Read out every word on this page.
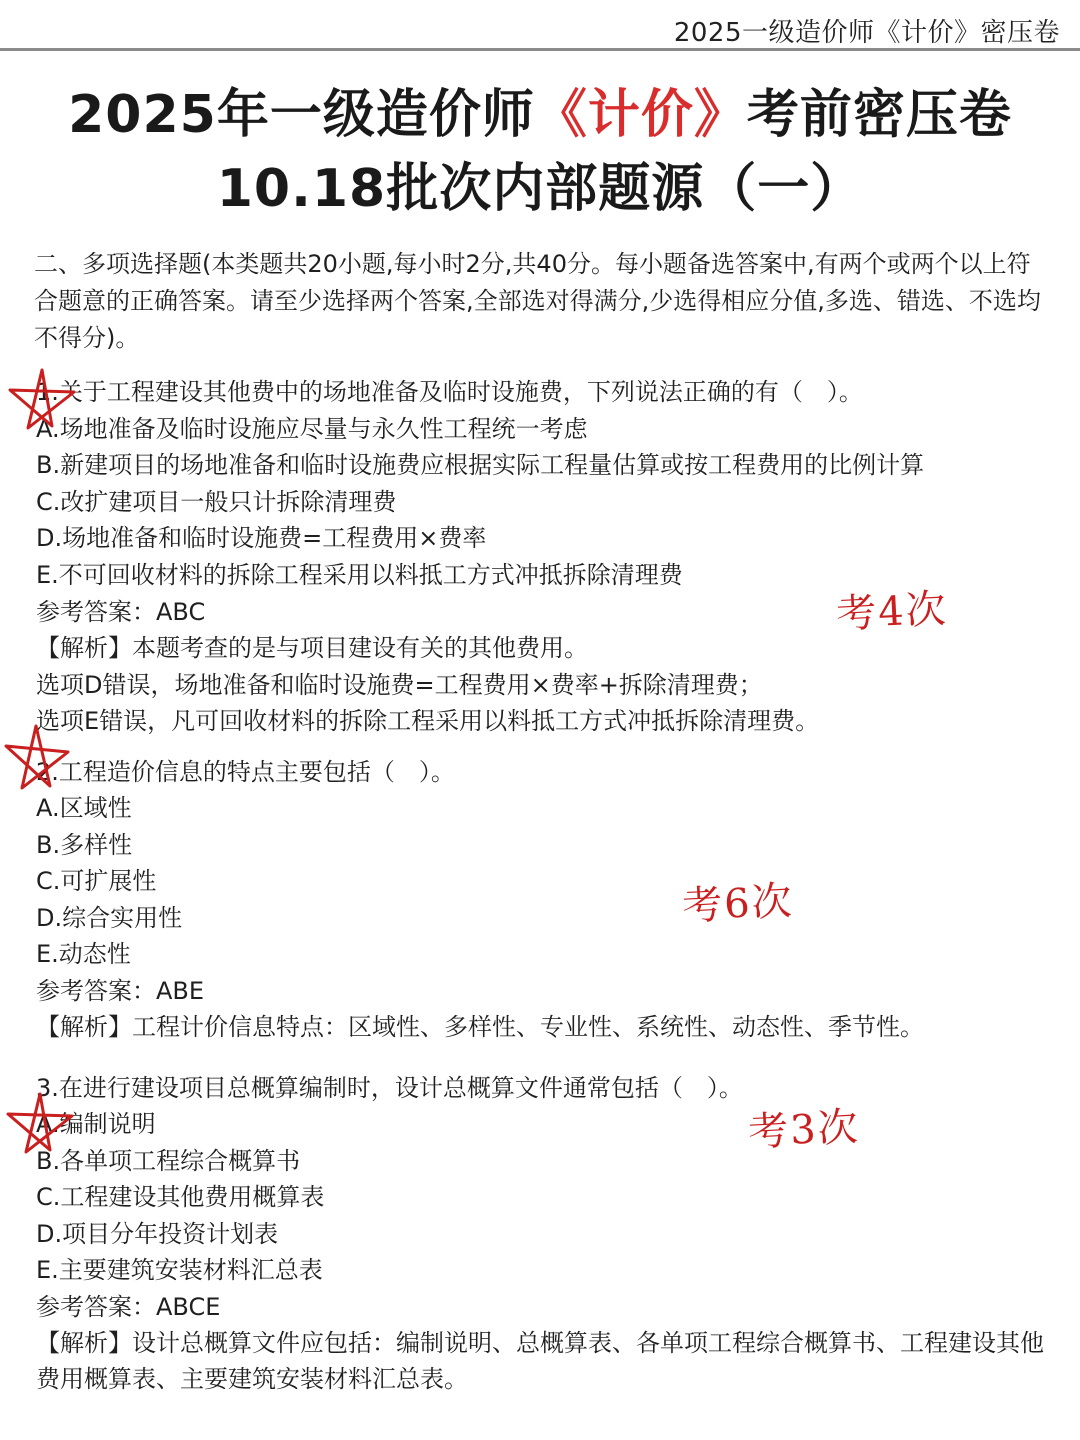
2025一级造价师《计价》密压卷
2025年一级造价师《计价》考前密压卷
10.18批次内部题源（一）
二、多项选择题(本类题共20小题,每小时2分,共40分。每小题备选答案中,有两个或两个以上符合题意的正确答案。请至少选择两个答案,全部选对得满分,少选得相应分值,多选、错选、不选均不得分)。
1.关于工程建设其他费中的场地准备及临时设施费，下列说法正确的有（　）。
A.场地准备及临时设施应尽量与永久性工程统一考虑
B.新建项目的场地准备和临时设施费应根据实际工程量估算或按工程费用的比例计算
C.改扩建项目一般只计拆除清理费
D.场地准备和临时设施费=工程费用×费率
E.不可回收材料的拆除工程采用以料抵工方式冲抵拆除清理费
参考答案：ABC
【解析】本题考查的是与项目建设有关的其他费用。
选项D错误，场地准备和临时设施费=工程费用×费率+拆除清理费；
选项E错误，凡可回收材料的拆除工程采用以料抵工方式冲抵拆除清理费。
2.工程造价信息的特点主要包括（　）。
A.区域性
B.多样性
C.可扩展性
D.综合实用性
E.动态性
参考答案：ABE
【解析】工程计价信息特点：区域性、多样性、专业性、系统性、动态性、季节性。
3.在进行建设项目总概算编制时，设计总概算文件通常包括（　）。
A.编制说明
B.各单项工程综合概算书
C.工程建设其他费用概算表
D.项目分年投资计划表
E.主要建筑安装材料汇总表
参考答案：ABCE
【解析】设计总概算文件应包括：编制说明、总概算表、各单项工程综合概算书、工程建设其他费用概算表、主要建筑安装材料汇总表。
考4次
考6次
考3次
